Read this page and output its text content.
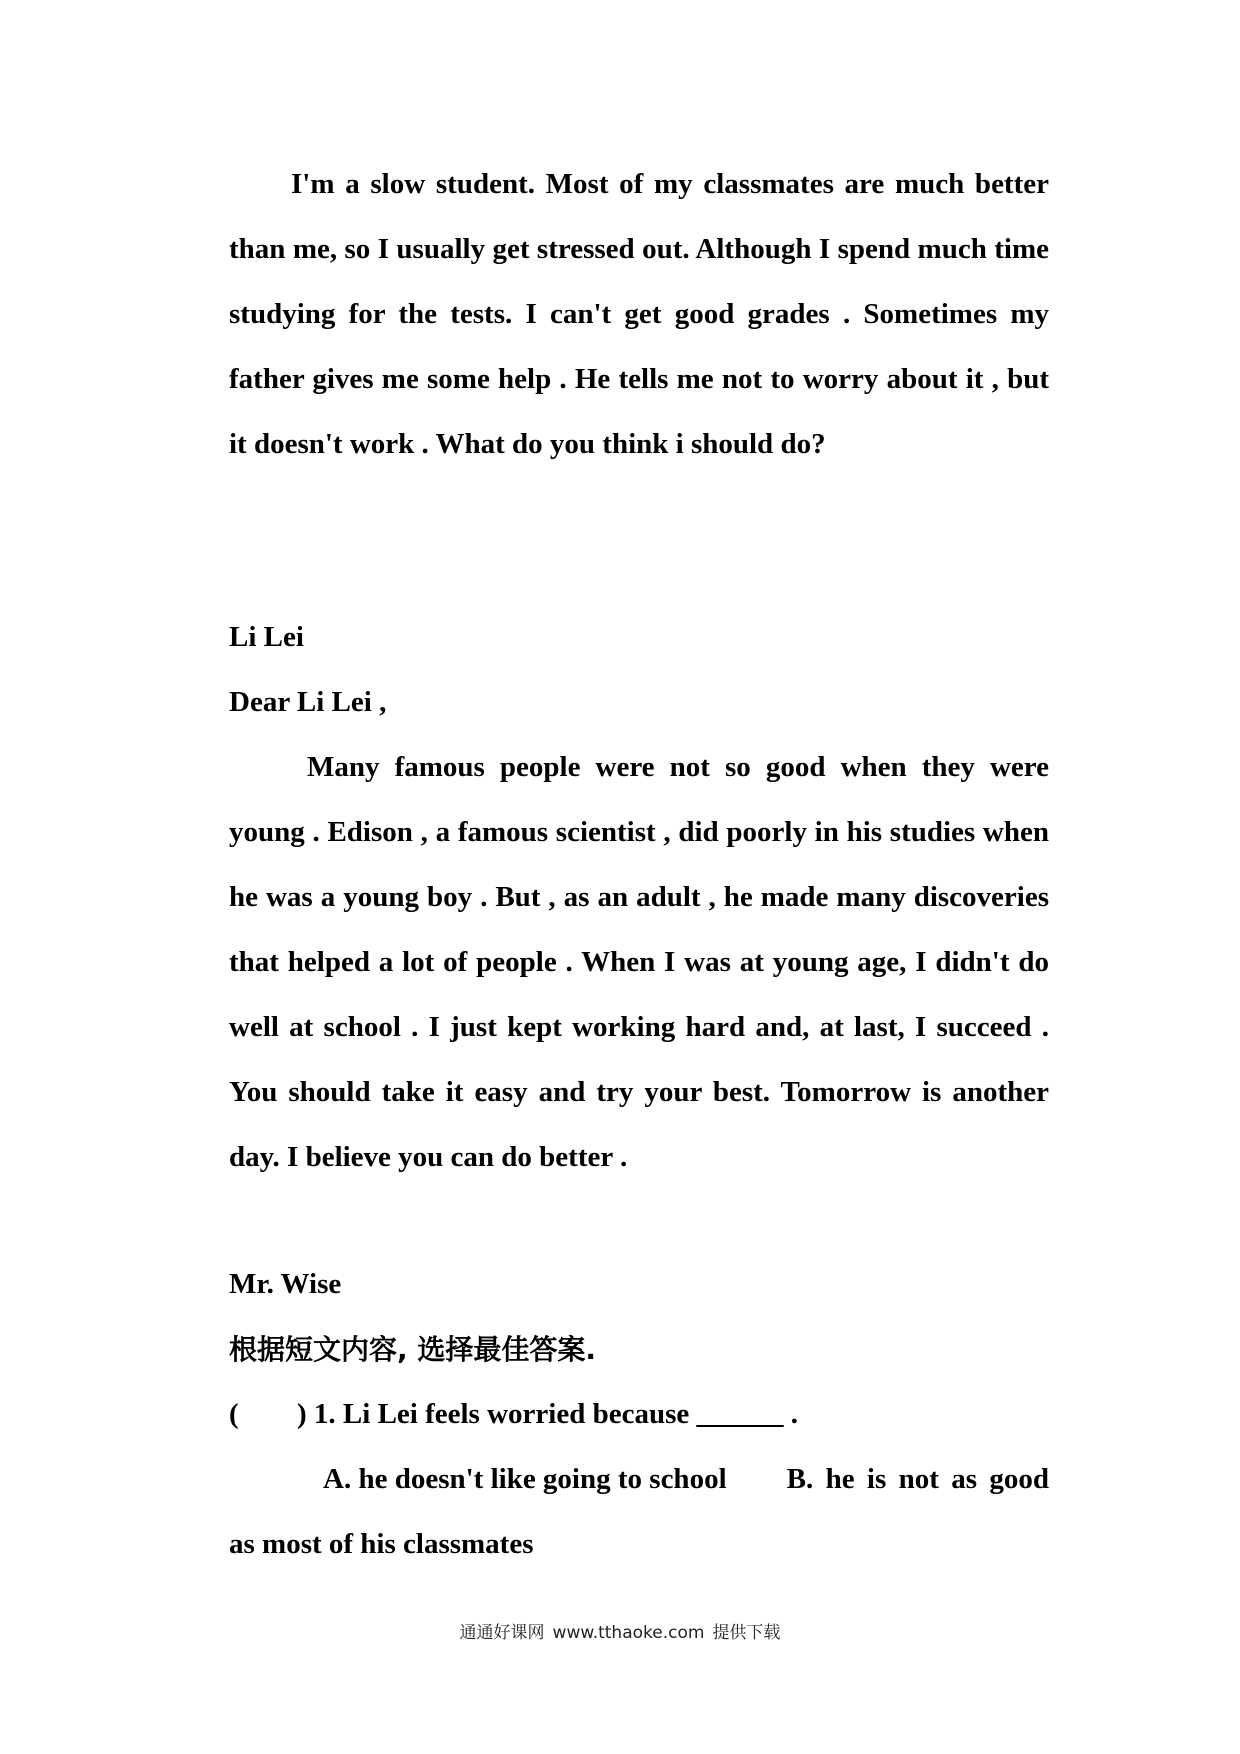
I'm a slow student. Most of my classmates are much better than me, so I usually get stressed out. Although I spend much time studying for the tests. I can't get good grades . Sometimes my father gives me some help . He tells me not to worry about it , but it doesn't work . What do you think i should do?
Li Lei
Dear Li Lei ,
Many famous people were not so good when they were young . Edison , a famous scientist , did poorly in his studies when he was a young boy . But , as an adult , he made many discoveries that helped a lot of people . When I was at young age, I didn't do well at school . I just kept working hard and, at last, I succeed . You should take it easy and try your best. Tomorrow is another day. I believe you can do better .
Mr. Wise
根据短文内容, 选择最佳答案.
( ) 1. Li Lei feels worried because ______ .
A. he doesn't like going to school B. he is not as good as most of his classmates
通通好课网 www.tthaoke.com 提供下载
